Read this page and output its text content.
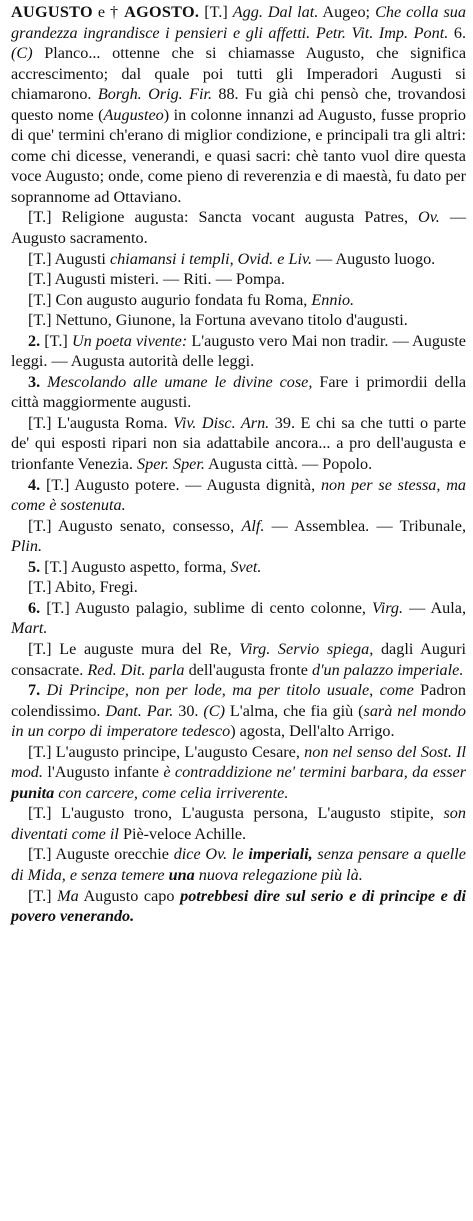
AUGUSTO e † AGOSTO. [T.] Agg. Dal lat. Augeo; Che colla sua grandezza ingrandisce i pensieri e gli affetti. Petr. Vit. Imp. Pont. 6. (C) Planco... ottenne che si chiamasse Augusto, che significa accrescimento; dal quale poi tutti gli Imperadori Augusti si chiamarono. Borgh. Orig. Fir. 88. Fu già chi pensò che, trovandosi questo nome (Augusteo) in colonne innanzi ad Augusto, fusse proprio di que' termini ch'erano di miglior condizione, e principali tra gli altri: come chi dicesse, venerandi, e quasi sacri: chè tanto vuol dire questa voce Augusto; onde, come pieno di reverenzia e di maestà, fu dato per soprannome ad Ottaviano.

[T.] Religione augusta: Sancta vocant augusta Patres, Ov. — Augusto sacramento.

[T.] Augusti chiamansi i templi, Ovid. e Liv. — Augusto luogo.

[T.] Augusti misteri. — Riti. — Pompa.

[T.] Con augusto augurio fondata fu Roma, Ennio.

[T.] Nettuno, Giunone, la Fortuna avevano titolo d'augusti.

2. [T.] Un poeta vivente: L'augusto vero Mai non tradir. — Auguste leggi. — Augusta autorità delle leggi.

3. Mescolando alle umane le divine cose, Fare i primordii della città maggiormente augusti.

[T.] L'augusta Roma. Viv. Disc. Arn. 39. E chi sa che tutti o parte de' qui esposti ripari non sia adattabile ancora... a pro dell'augusta e trionfante Venezia. Sper. Sper. Augusta città. — Popolo.

4. [T.] Augusto potere. — Augusta dignità, non per se stessa, ma come è sostenuta.

[T.] Augusto senato, consesso, Alf. — Assemblea. — Tribunale, Plin.

5. [T.] Augusto aspetto, forma, Svet.

[T.] Abito, Fregi.

6. [T.] Augusto palagio, sublime di cento colonne, Virg. — Aula, Mart.

[T.] Le auguste mura del Re, Virg. Servio spiega, dagli Auguri consacrate. Red. Dit. parla dell'augusta fronte d'un palazzo imperiale.

7. Di Principe, non per lode, ma per titolo usuale, come Padron colendissimo. Dant. Par. 30. (C) L'alma, che fia giù (sarà nel mondo in un corpo di imperatore tedesco) agosta, Dell'alto Arrigo.

[T.] L'augusto principe, L'augusto Cesare, non nel senso del Sost. Il mod. l'Augusto infante è contraddizione ne' termini barbara, da esser punita con carcere, come celia irriverente.

[T.] L'augusto trono, L'augusta persona, L'augusto stipite, son diventati come il Piè-veloce Achille.

[T.] Auguste orecchie dice Ov. le imperiali, senza pensare a quelle di Mida, e senza temere una nuova relegazione più là.

[T.] Ma Augusto capo potrebbesi dire sul serio e di principe e di povero venerando.
